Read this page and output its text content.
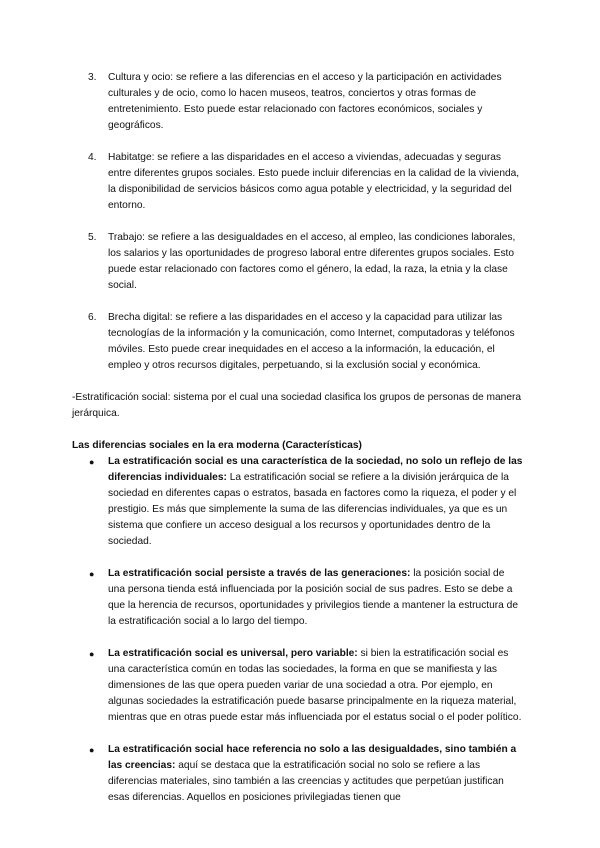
3. Cultura y ocio: se refiere a las diferencias en el acceso y la participación en actividades culturales y de ocio, como lo hacen museos, teatros, conciertos y otras formas de entretenimiento. Esto puede estar relacionado con factores económicos, sociales y geográficos.
4. Habitatge: se refiere a las disparidades en el acceso a viviendas, adecuadas y seguras entre diferentes grupos sociales. Esto puede incluir diferencias en la calidad de la vivienda, la disponibilidad de servicios básicos como agua potable y electricidad, y la seguridad del entorno.
5. Trabajo: se refiere a las desigualdades en el acceso, al empleo, las condiciones laborales, los salarios y las oportunidades de progreso laboral entre diferentes grupos sociales. Esto puede estar relacionado con factores como el género, la edad, la raza, la etnia y la clase social.
6. Brecha digital: se refiere a las disparidades en el acceso y la capacidad para utilizar las tecnologías de la información y la comunicación, como Internet, computadoras y teléfonos móviles. Esto puede crear inequidades en el acceso a la información, la educación, el empleo y otros recursos digitales, perpetuando, si la exclusión social y económica.

-Estratificación social: sistema por el cual una sociedad clasifica los grupos de personas de manera jerárquica.

Las diferencias sociales en la era moderna (Características)
● La estratificación social es una característica de la sociedad, no solo un reflejo de las diferencias individuales: La estratificación social se refiere a la división jerárquica de la sociedad en diferentes capas o estratos, basada en factores como la riqueza, el poder y el prestigio. Es más que simplemente la suma de las diferencias individuales, ya que es un sistema que confiere un acceso desigual a los recursos y oportunidades dentro de la sociedad.
● La estratificación social persiste a través de las generaciones: la posición social de una persona tienda está influenciada por la posición social de sus padres. Esto se debe a que la herencia de recursos, oportunidades y privilegios tiende a mantener la estructura de la estratificación social a lo largo del tiempo.
● La estratificación social es universal, pero variable: si bien la estratificación social es una característica común en todas las sociedades, la forma en que se manifiesta y las dimensiones de las que opera pueden variar de una sociedad a otra. Por ejemplo, en algunas sociedades la estratificación puede basarse principalmente en la riqueza material, mientras que en otras puede estar más influenciada por el estatus social o el poder político.
● La estratificación social hace referencia no solo a las desigualdades, sino también a las creencias: aquí se destaca que la estratificación social no solo se refiere a las diferencias materiales, sino también a las creencias y actitudes que perpetúan justifican esas diferencias. Aquellos en posiciones privilegiadas tienen que
